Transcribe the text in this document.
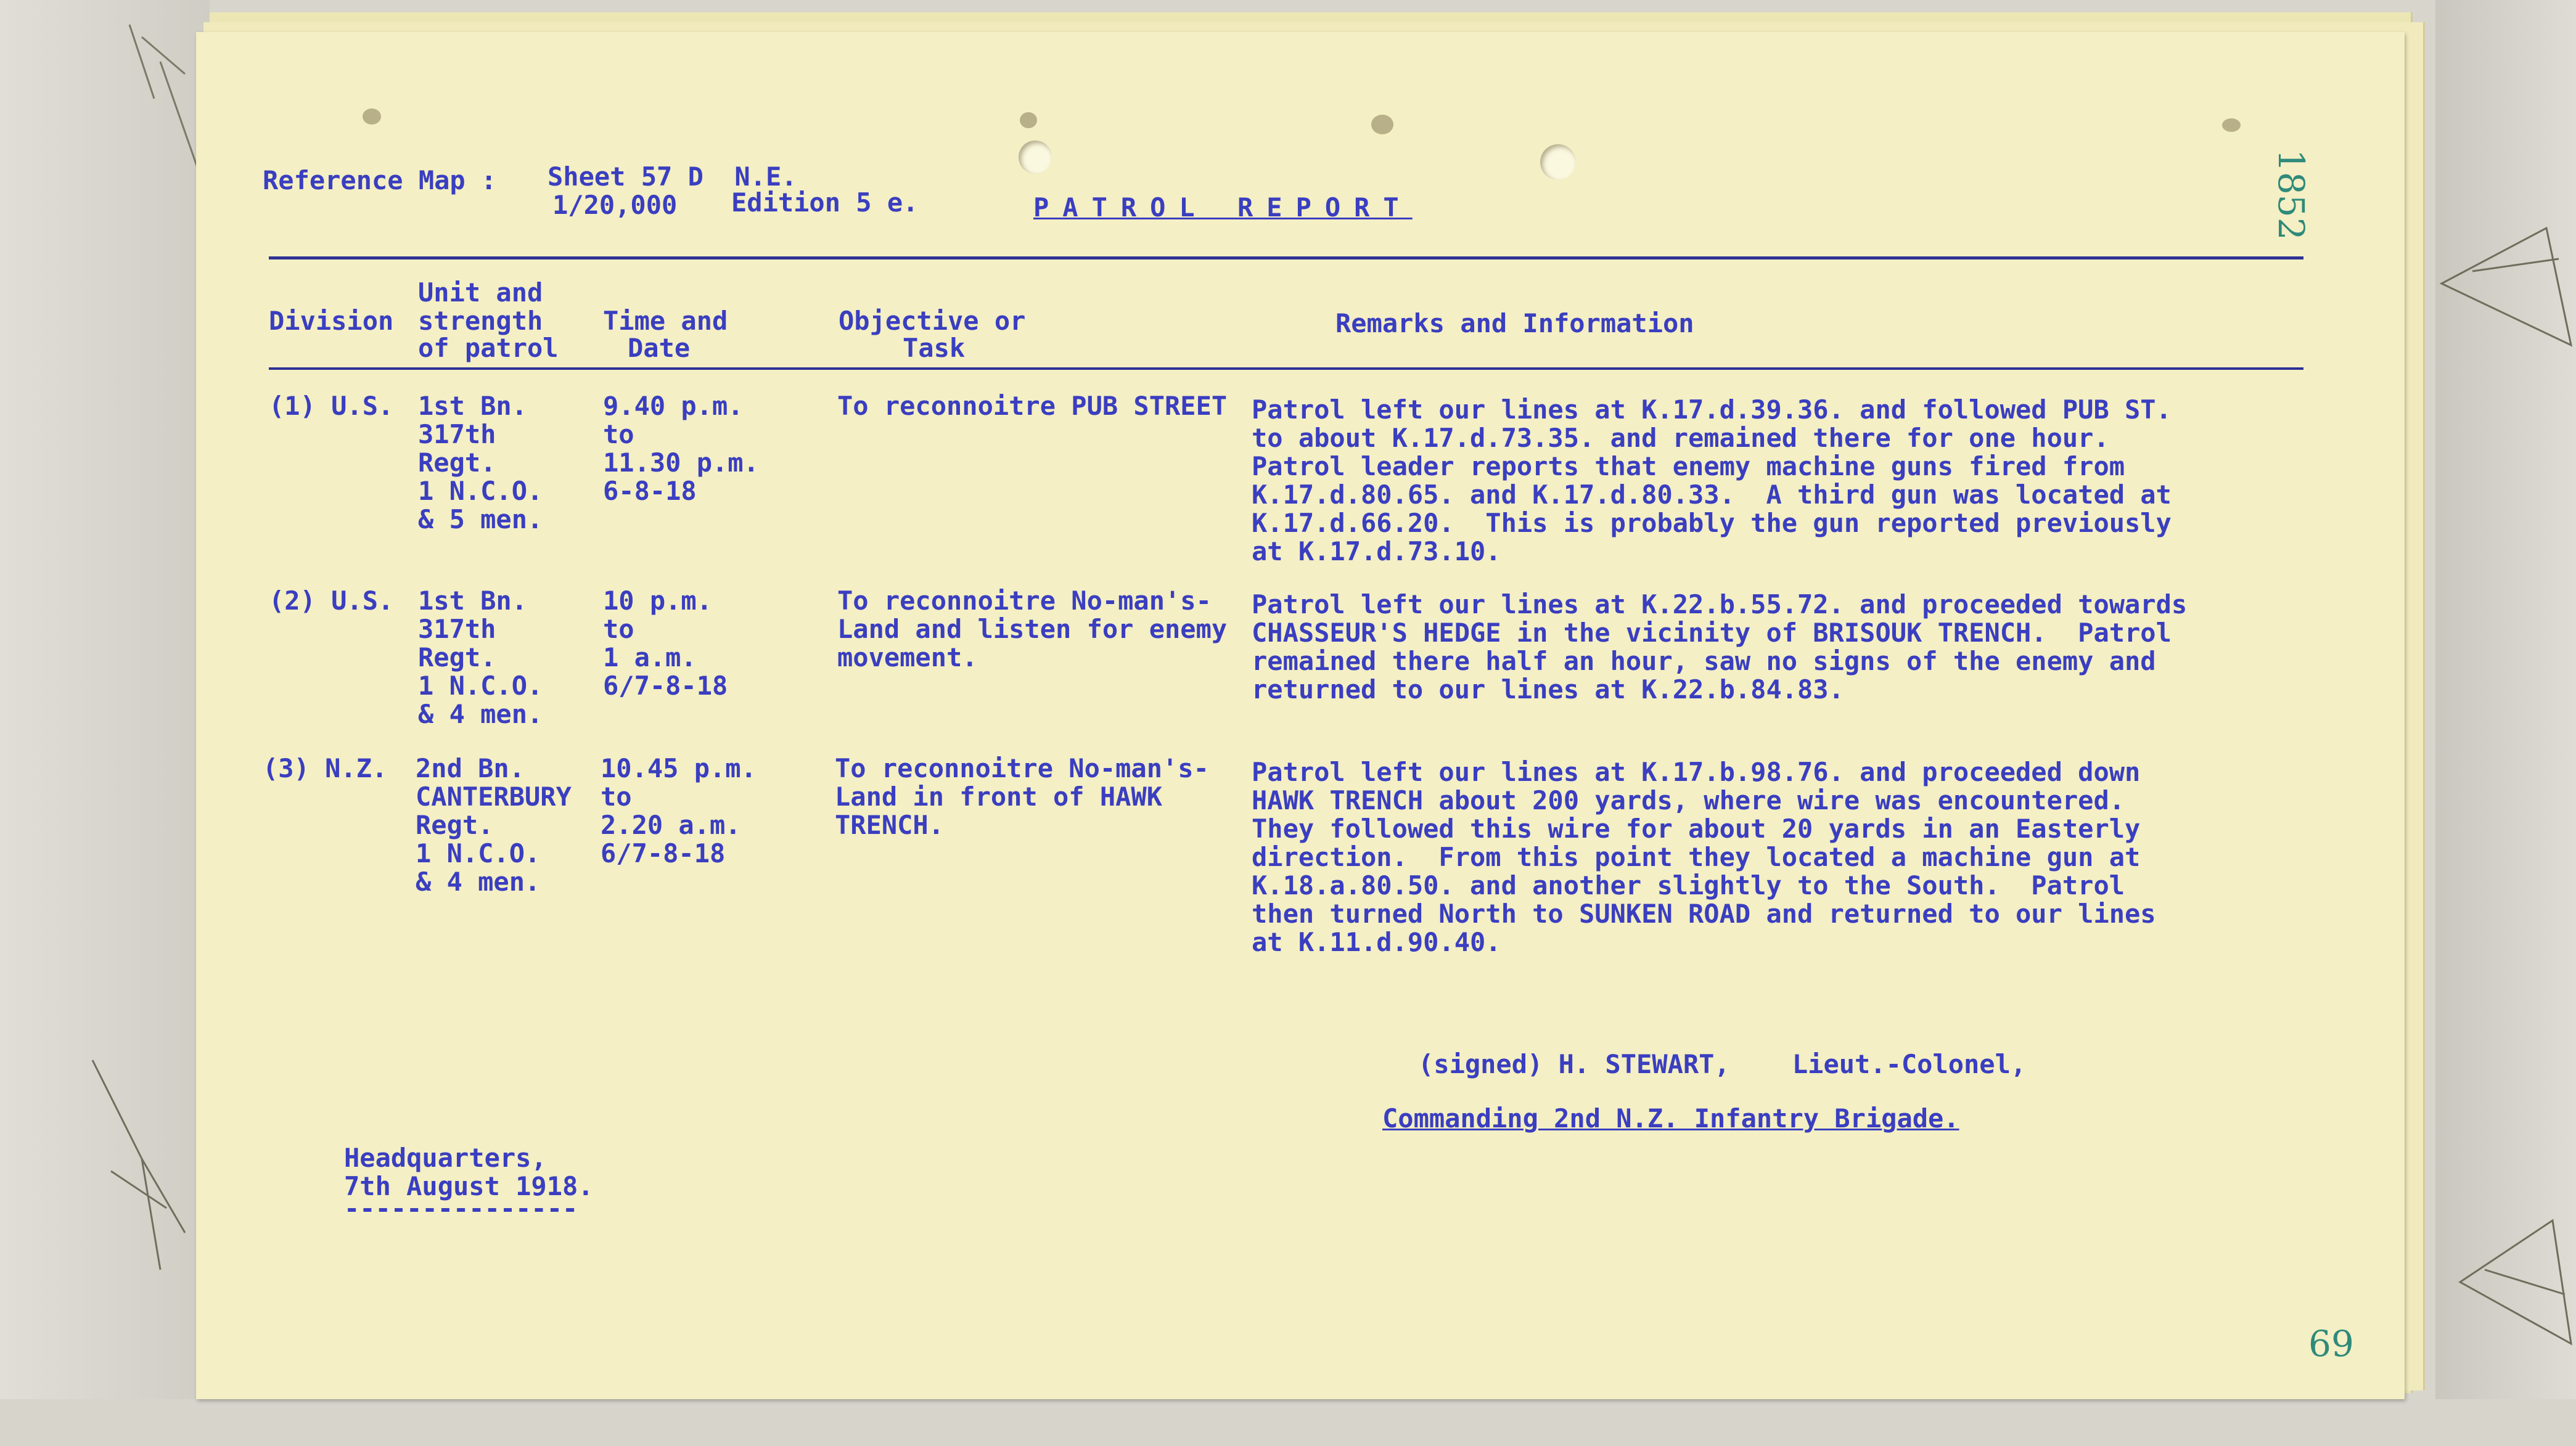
1852
69
Reference Map : Sheet 57 D  N.E.
1/20,000 Edition 5 e.	PATROL REPORT
Division
Unit and
strength
of patrol
Time and
Date
Objective or
Task
Remarks and Information
(1) U.S. 1st Bn.
317th
Regt.
1 N.C.O.
& 5 men.
9.40 p.m.
to
11.30 p.m.
6-8-18
To reconnoitre PUB STREET Patrol left our lines at K.17.d.39.36. and followed PUB ST.
to about K.17.d.73.35. and remained there for one hour.
Patrol leader reports that enemy machine guns fired from
K.17.d.80.65. and K.17.d.80.33.  A third gun was located at
K.17.d.66.20.  This is probably the gun reported previously
at K.17.d.73.10.
(2) U.S. 1st Bn.
317th
Regt.
1 N.C.O.
& 4 men.
10 p.m.
to
1 a.m.
6/7-8-18
To reconnoitre No-man's-
Land and listen for enemy
movement.
Patrol left our lines at K.22.b.55.72. and proceeded towards
CHASSEUR'S HEDGE in the vicinity of BRISOUK TRENCH.  Patrol
remained there half an hour, saw no signs of the enemy and
returned to our lines at K.22.b.84.83.
(3) N.Z. 2nd Bn.
CANTERBURY
Regt.
1 N.C.O.
& 4 men.
10.45 p.m.
to
2.20 a.m.
6/7-8-18
To reconnoitre No-man's-
Land in front of HAWK
TRENCH.
Patrol left our lines at K.17.b.98.76. and proceeded down
HAWK TRENCH about 200 yards, where wire was encountered.
They followed this wire for about 20 yards in an Easterly
direction.  From this point they located a machine gun at
K.18.a.80.50. and another slightly to the South.  Patrol
then turned North to SUNKEN ROAD and returned to our lines
at K.11.d.90.40.
(signed) H. STEWART,    Lieut.-Colonel,
Commanding 2nd N.Z. Infantry Brigade.
Headquarters,
7th August 1918.
---------------
